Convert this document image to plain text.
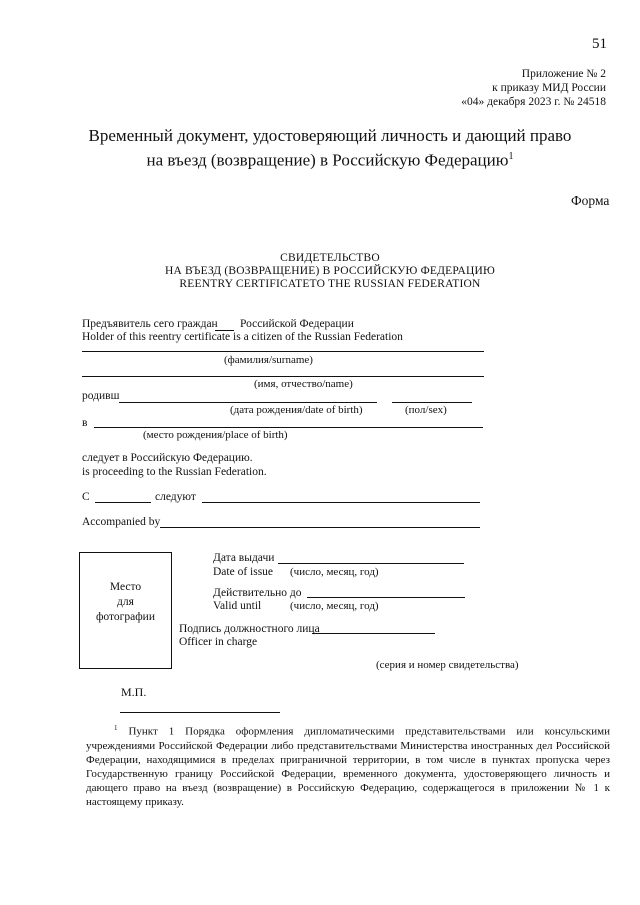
51
Приложение № 2
к приказу МИД России
«04» декабря 2023 г. № 24518
Временный документ, удостоверяющий личность и дающий право
на въезд (возвращение) в Российскую Федерацию$^1$
Форма
СВИДЕТЕЛЬСТВО
НА ВЪЕЗД (ВОЗВРАЩЕНИЕ) В РОССИЙСКУЮ ФЕДЕРАЦИЮ
REENTRY CERTIFICATETO THE RUSSIAN FEDERATION
Предъявитель сего граждан Российской Федерации
Holder of this reentry certificate is a citizen of the Russian Federation
(фамилия/surname)
(имя, отчество/name)
родивш
(дата рождения/date of birth)	(пол/sex)
в
(место рождения/place of birth)
следует в Российскую Федерацию.
is proceeding to the Russian Federation.
С	следуют
Accompanied by
Место
для
фотографии
Дата выдачи
Date of issue (число, месяц, год)
Действительно до
Valid until	(число, месяц, год)
Подпись должностного лица
Officer in charge
(серия и номер свидетельства)
М.П.
$^1$ Пункт 1 Порядка оформления дипломатическими представительствами или консульскими учреждениями Российской Федерации либо представительствами Министерства иностранных дел Российской Федерации, находящимися в пределах приграничной территории, в том числе в пунктах пропуска через Государственную границу Российской Федерации, временного документа, удостоверяющего личность и дающего право на въезд (возвращение) в Российскую Федерацию, содержащегося в приложении № 1 к настоящему приказу.
